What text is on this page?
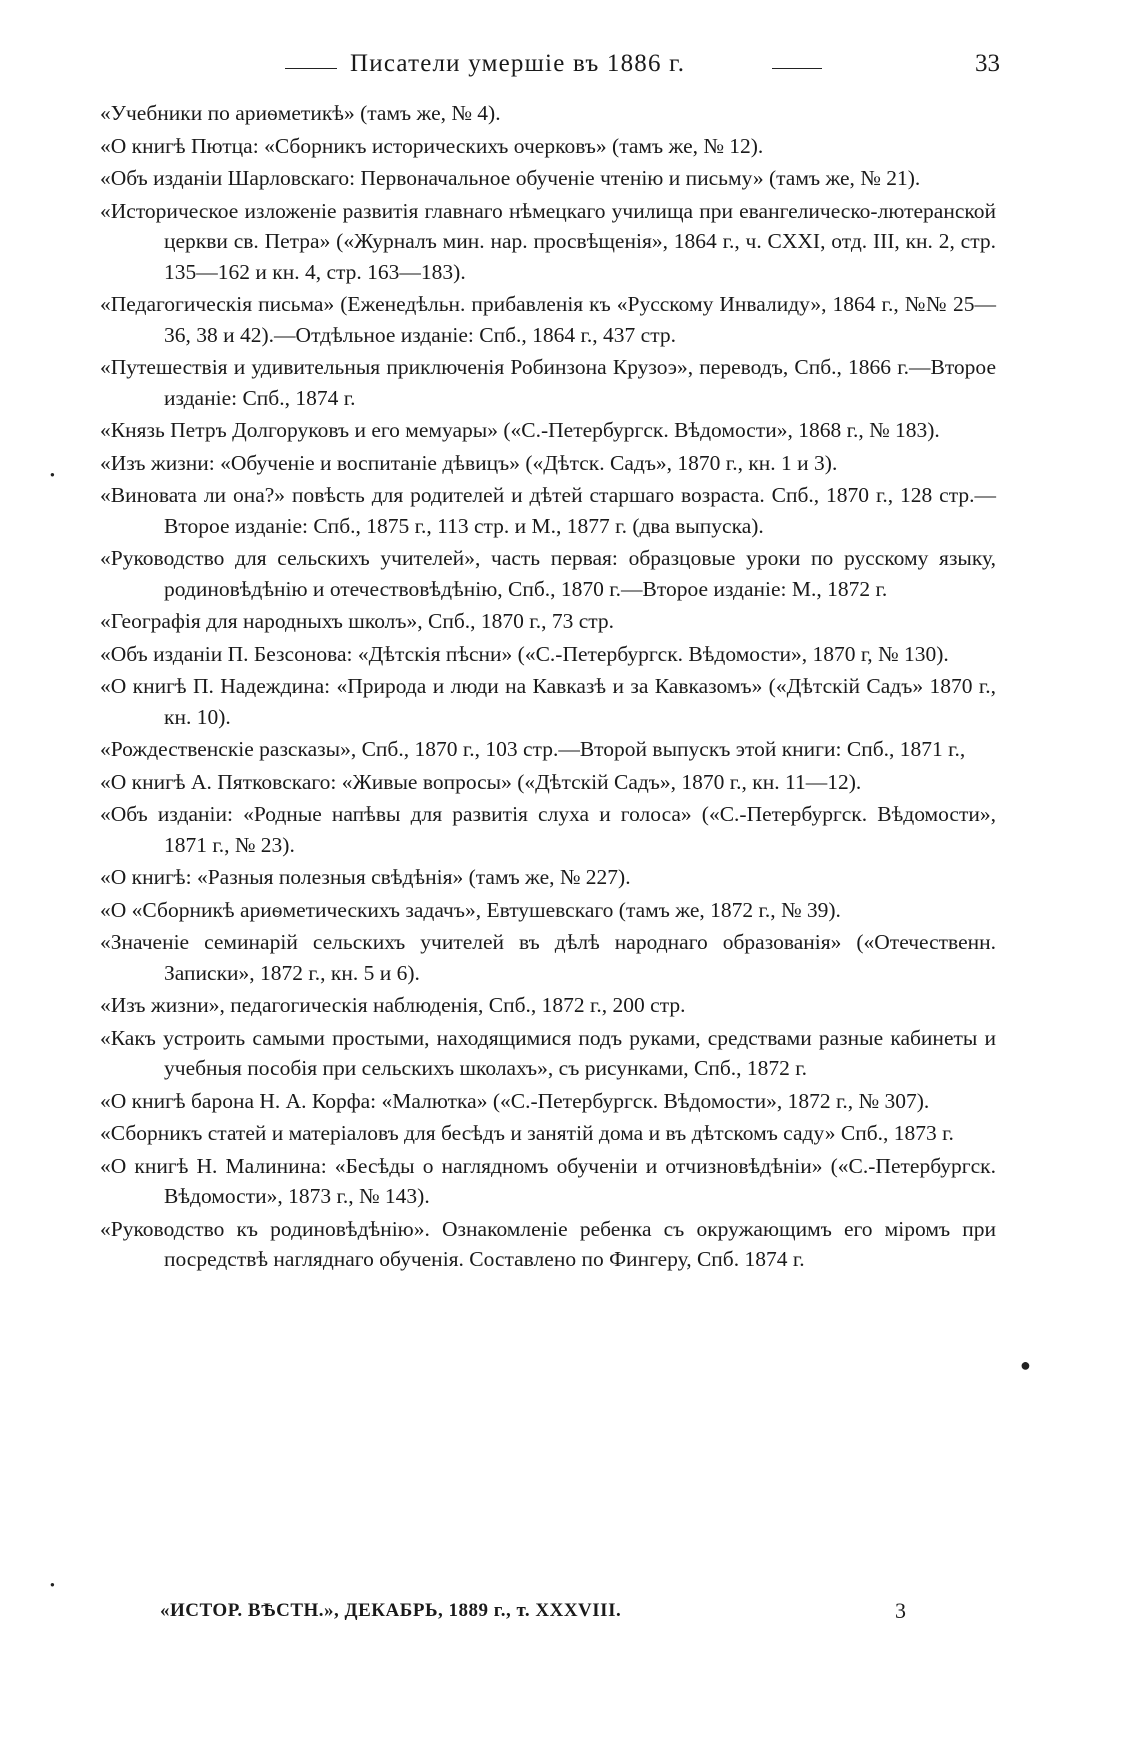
Писатели умершіе въ 1886 г.	33

«Учебники по ариѳметикѣ» (тамъ же, № 4).

«О книгѣ Пютца: «Сборникъ историческихъ очерковъ» (тамъ же, № 12).

«Объ изданіи Шарловскаго: Первоначальное обученіе чтенію и письму» (тамъ же, № 21).

«Историческое изложеніе развитія главнаго нѣмецкаго училища при евангелическо-лютеранской церкви св. Петра» («Журналъ мин. нар. просвѣщенія», 1864 г., ч. CXXI, отд. III, кн. 2, стр. 135—162 и кн. 4, стр. 163—183).

«Педагогическія письма» (Еженедѣльн. прибавленія къ «Русскому Инвалиду», 1864 г., №№ 25—36, 38 и 42).—Отдѣльное изданіе: Спб., 1864 г., 437 стр.

«Путешествія и удивительныя приключенія Робинзона Крузоэ», переводъ, Спб., 1866 г.—Второе изданіе: Спб., 1874 г.

«Князь Петръ Долгоруковъ и его мемуары» («С.-Петербургск. Вѣдомости», 1868 г., № 183).

«Изъ жизни: «Обученіе и воспитаніе дѣвицъ» («Дѣтск. Садъ», 1870 г., кн. 1 и 3).

«Виновата ли она?» повѣсть для родителей и дѣтей старшаго возраста. Спб., 1870 г., 128 стр.—Второе изданіе: Спб., 1875 г., 113 стр. и М., 1877 г. (два выпуска).

«Руководство для сельскихъ учителей», часть первая: образцовые уроки по русскому языку, родиновѣдѣнію и отечествовѣдѣнію, Спб., 1870 г.—Второе изданіе: М., 1872 г.

«Географія для народныхъ школъ», Спб., 1870 г., 73 стр.

«Объ изданіи П. Безсонова: «Дѣтскія пѣсни» («С.-Петербургск. Вѣдомости», 1870 г, № 130).

«О книгѣ П. Надеждина: «Природа и люди на Кавказѣ и за Кавказомъ» («Дѣтскій Садъ» 1870 г., кн. 10).

«Рождественскіе разсказы», Спб., 1870 г., 103 стр.—Второй выпускъ этой книги: Спб., 1871 г.,

«О книгѣ А. Пятковскаго: «Живые вопросы» («Дѣтскій Садъ», 1870 г., кн. 11—12).

«Объ изданіи: «Родные напѣвы для развитія слуха и голоса» («С.-Петербургск. Вѣдомости», 1871 г., № 23).

«О книгѣ: «Разныя полезныя свѣдѣнія» (тамъ же, № 227).

«О «Сборникѣ ариѳметическихъ задачъ», Евтушевскаго (тамъ же, 1872 г., № 39).

«Значеніе семинарій сельскихъ учителей въ дѣлѣ народнаго образованія» («Отечественн. Записки», 1872 г., кн. 5 и 6).

«Изъ жизни», педагогическія наблюденія, Спб., 1872 г., 200 стр.

«Какъ устроить самыми простыми, находящимися подъ руками, средствами разные кабинеты и учебныя пособія при сельскихъ школахъ», съ рисунками, Спб., 1872 г.

«О книгѣ барона Н. А. Корфа: «Малютка» («С.-Петербургск. Вѣдомости», 1872 г., № 307).

«Сборникъ статей и матеріаловъ для бесѣдъ и занятій дома и въ дѣтскомъ саду» Спб., 1873 г.

«О книгѣ Н. Малинина: «Бесѣды о наглядномъ обученіи и отчизновѣдѣніи» («С.-Петербургск. Вѣдомости», 1873 г., № 143).

«Руководство къ родиновѣдѣнію». Ознакомленіе ребенка съ окружающимъ его міромъ при посредствѣ нагляднаго обученія. Составлено по Фингеру, Спб. 1874 г.

«ИСТОР. ВѢСТН.», ДЕКАБРЬ, 1889 г., т. XXXVIII.	3
●
●
●
